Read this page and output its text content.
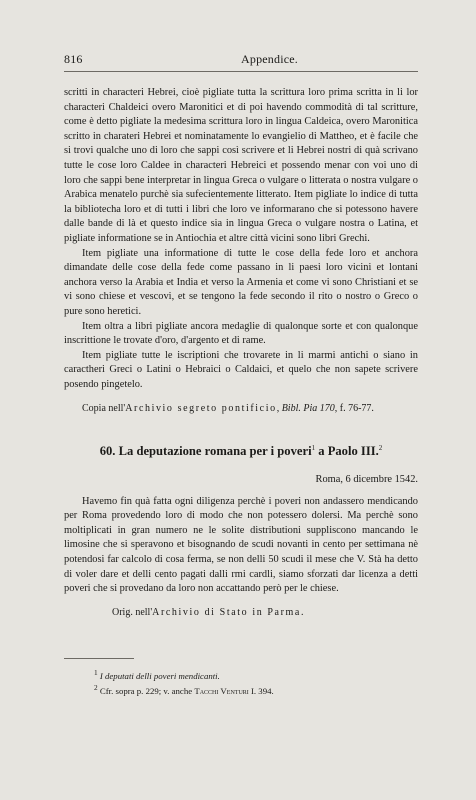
816	Appendice.

scritti in characteri Hebrei, cioè pigliate tutta la scrittura loro prima scritta in li lor characteri Chaldeici overo Maronitici et di poi havendo commodità di tal scritture, come è detto pigliate la medesima scrittura loro in lingua Caldeica, overo Maronitica scritto in charateri Hebrei et nominatamente lo evangielio di Mattheo, et è facile che si trovi qualche uno di loro che sappi così scrivere et li Hebrei nostri di quà scrivano tutte le cose loro Caldee in characteri Hebreici et possendo menar con voi uno di loro che sappi bene interpretar in lingua Greca o vulgare o litterata o nostra vulgare o Arabica menatelo purchè sia sufecientemente litterato. Item pigliate lo indice di tutta la bibliotecha loro et di tutti i libri che loro ve informarano che si potessono havere dalle bande di là et questo indice sia in lingua Greca o vulgare nostra o Latina, et pigliate informatione se in Antiochia et altre città vicini sono libri Grechi.

Item pigliate una informatione di tutte le cose della fede loro et anchora dimandate delle cose della fede come passano in li paesi loro vicini et lontani anchora verso la Arabia et India et verso la Armenia et come vi sono Christiani et se vi sono chiese et vescovi, et se tengono la fede secondo il rito o nostro o Greco o pure sono heretici.

Item oltra a libri pigliate ancora medaglie di qualonque sorte et con qualonque inscrittione le trovate d'oro, d'argento et di rame.

Item pigliate tutte le iscriptioni che trovarete in li marmi antichi o siano in caractheri Greci o Latini o Hebraici o Caldaici, et quelo che non sapete scrivere posendo pingetelo.

Copia nell'Archivio segreto pontificio, Bibl. Pia 170, f. 76-77.

60. La deputazione romana per i poveri$^1$ a Paolo III.$^2$
Roma, 6 dicembre 1542.

Havemo fin quà fatta ogni diligenza perchè i poveri non andassero mendicando per Roma provedendo loro di modo che non potessero dolersi. Ma perchè sono moltiplicati in gran numero ne le solite distributioni suppliscono mancando le limosine che si speravono et bisognando de scudi novanti in cento per settimana nè potendosi far calcolo di cosa ferma, se non delli 50 scudi il mese che V. Stà ha detto di voler dare et delli cento pagati dalli rmi cardli, siamo sforzati dar licenza a detti poveri che si provedano da loro non accattando però per le chiese.

Orig. nell'Archivio di Stato in Parma.

$^1$ I deputati delli poveri mendicanti.

$^2$ Cfr. sopra p. 229; v. anche Tacchi Venturi I. 394.
